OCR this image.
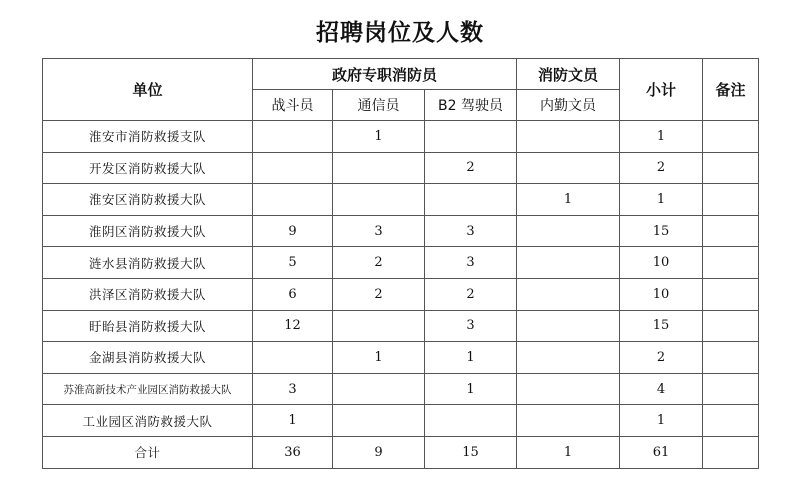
招聘岗位及人数
单位	政府专职消防员			消防文员	小计	备注
	战斗员	通信员	B2 驾驶员	内勤文员		
淮安市消防救援支队		1			1	
开发区消防救援大队			2		2	
淮安区消防救援大队				1	1	
淮阴区消防救援大队	9	3	3		15	
涟水县消防救援大队	5	2	3		10	
洪泽区消防救援大队	6	2	2		10	
盱眙县消防救援大队	12		3		15	
金湖县消防救援大队		1	1		2	
苏淮高新技术产业园区消防救援大队	3		1		4	
工业园区消防救援大队	1				1	
合计	36	9	15	1	61	
